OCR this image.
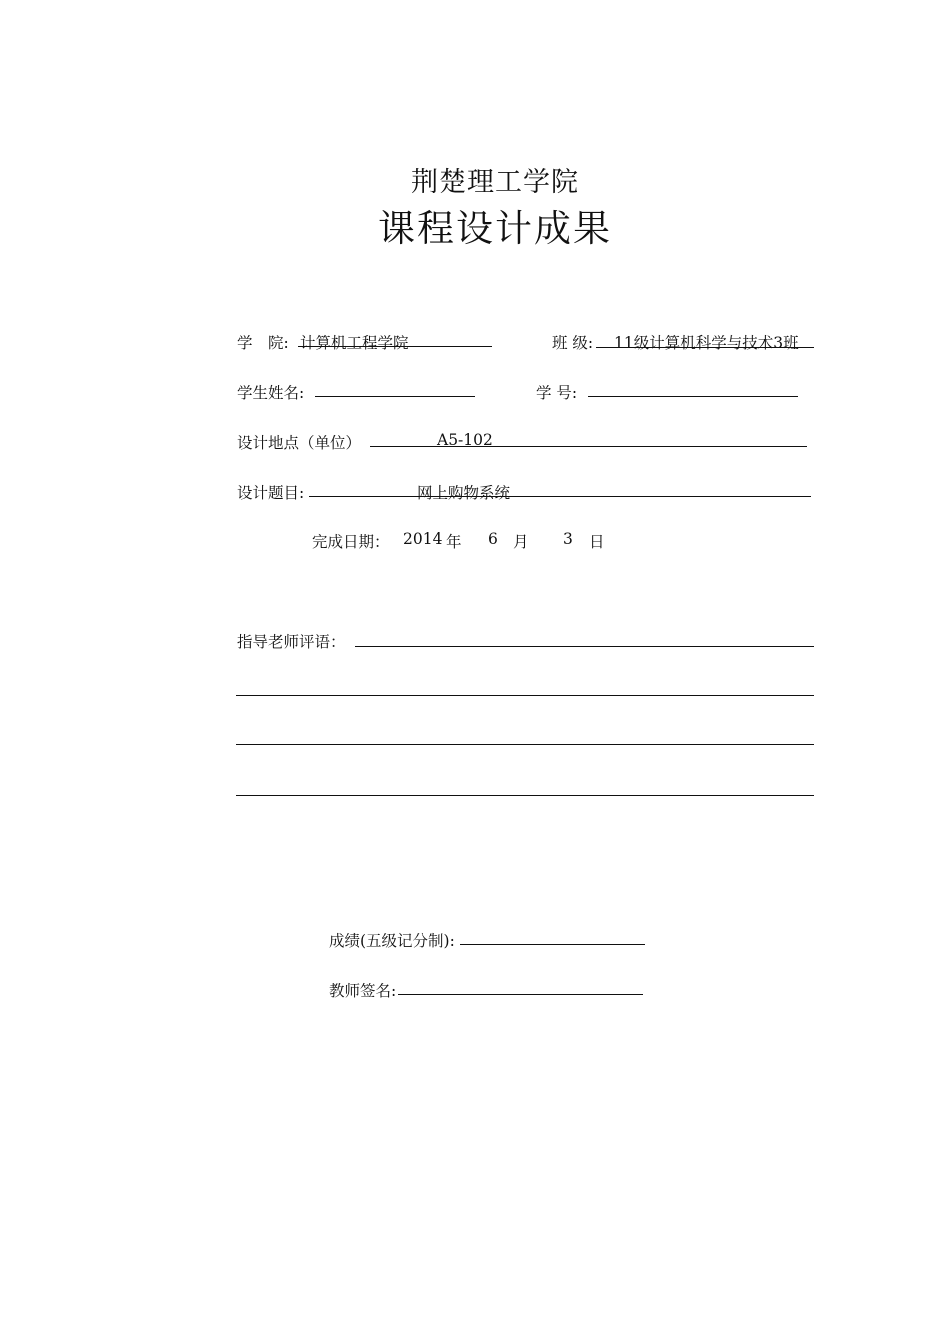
荆楚理工学院
课程设计成果
学　院: 计算机工程学院	班 级: 11级计算机科学与技术3班
学生姓名:	学 号:
设计地点（单位）	A5-102
设计题目:	网上购物系统
完成日期： 2014 年 6 月 3 日
指导老师评语：
成绩(五级记分制):
教师签名:
